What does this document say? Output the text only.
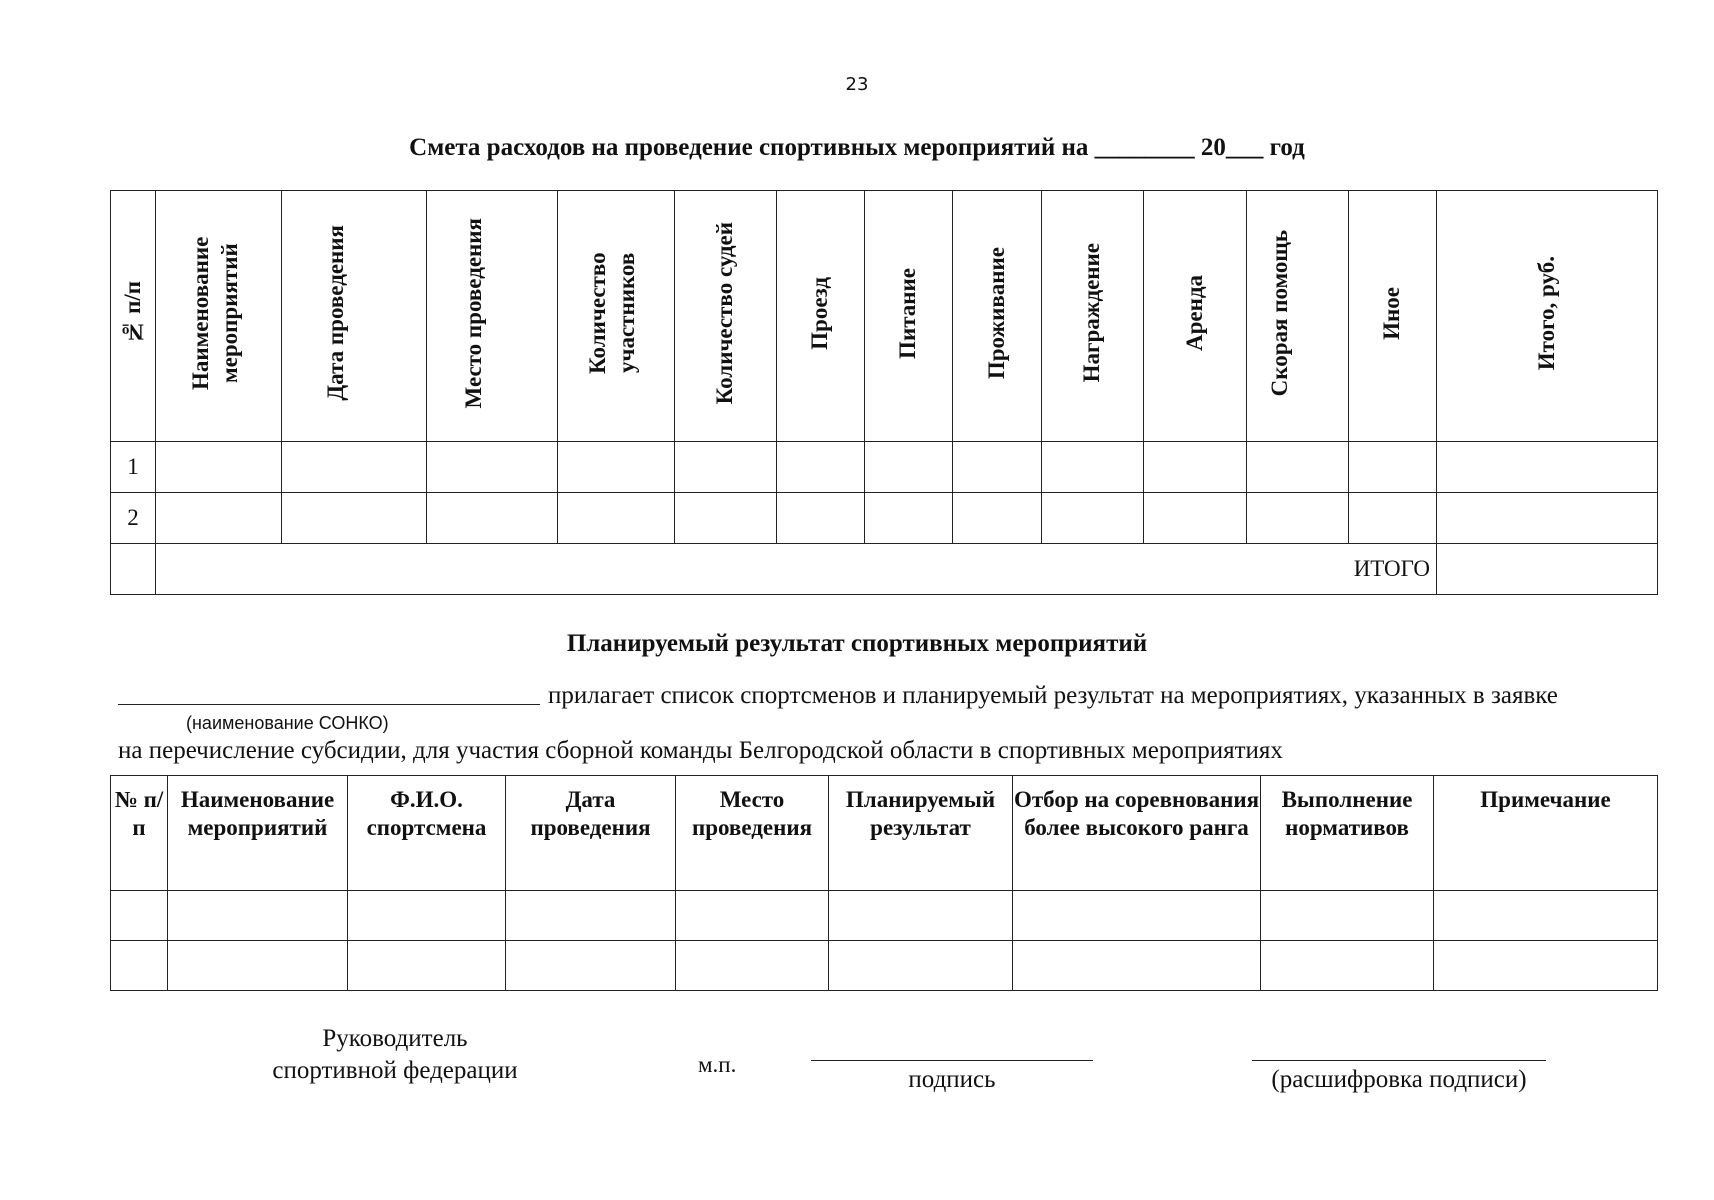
23
Смета расходов на проведение спортивных мероприятий на ________ 20___ год
№ п/п	Наименование мероприятий	Дата проведения	Место проведения	Количество участников	Количество судей	Проезд	Питание	Проживание	Награждение	Аренда	Скорая помощь	Иное	Итого, руб.
1													
2													
	ИТОГО												
Планируемый результат спортивных мероприятий
прилагает список спортсменов и планируемый результат на мероприятиях, указанных в заявке
(наименование СОНКО)
на перечисление субсидии, для участия сборной команды Белгородской области в спортивных мероприятиях
№ п/п	Наименование мероприятий	Ф.И.О. спортсмена	Дата проведения	Место проведения	Планируемый результат	Отбор на соревнования более высокого ранга	Выполнение нормативов	Примечание

Руководитель
спортивной федерации	м.п.
подпись	(расшифровка подписи)
